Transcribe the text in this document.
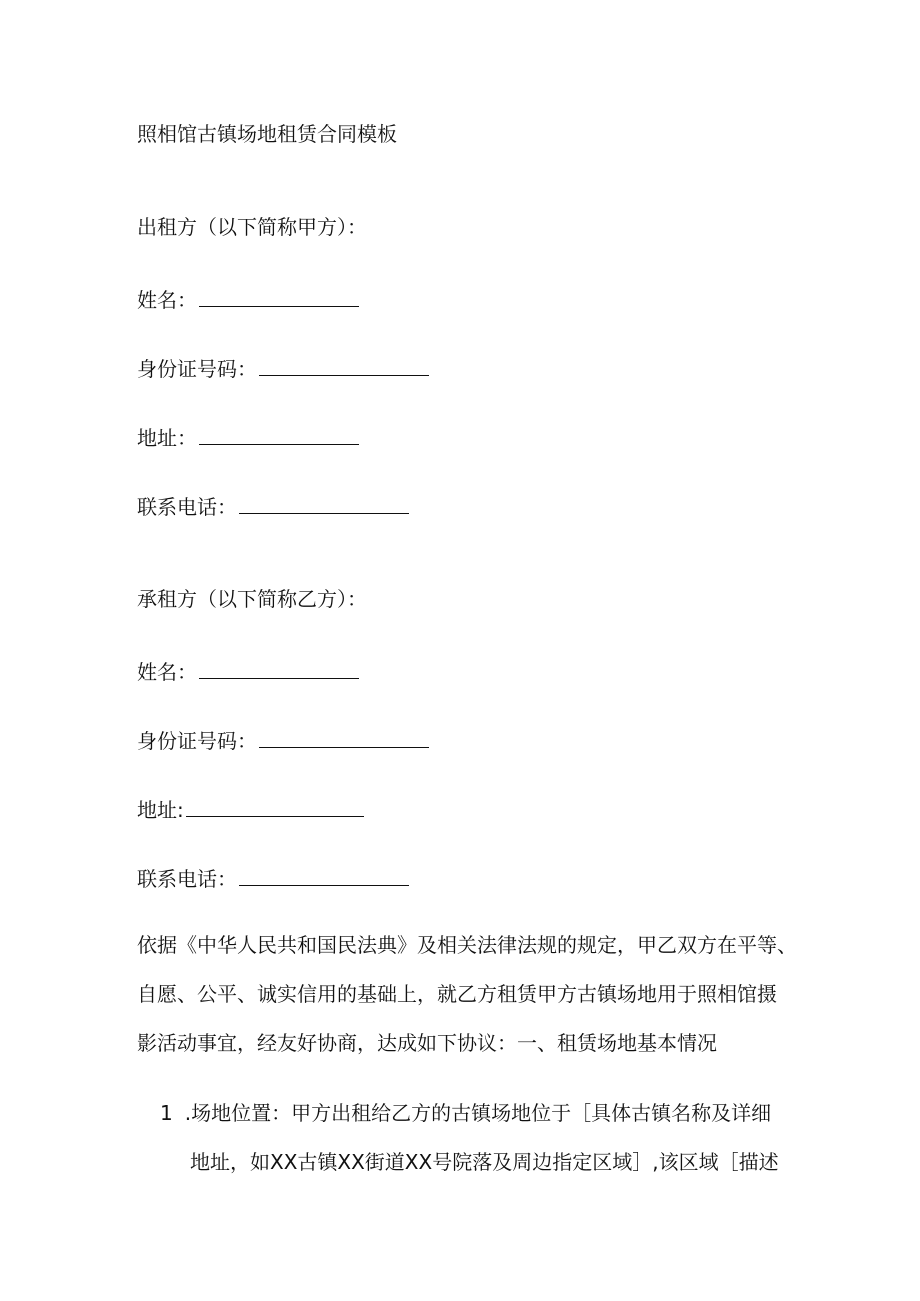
照相馆古镇场地租赁合同模板
出租方（以下简称甲方）：
姓名：
身份证号码：
地址：
联系电话：
承租方（以下简称乙方）：
姓名：
身份证号码：
地址:
联系电话：
依据《中华人民共和国民法典》及相关法律法规的规定，甲乙双方在平等、
自愿、公平、诚实信用的基础上，就乙方租赁甲方古镇场地用于照相馆摄
影活动事宜，经友好协商，达成如下协议：一、租赁场地基本情况
1 .场地位置：甲方出租给乙方的古镇场地位于［具体古镇名称及详细
地址，如XX古镇XX街道XX号院落及周边指定区域］,该区域［描述
